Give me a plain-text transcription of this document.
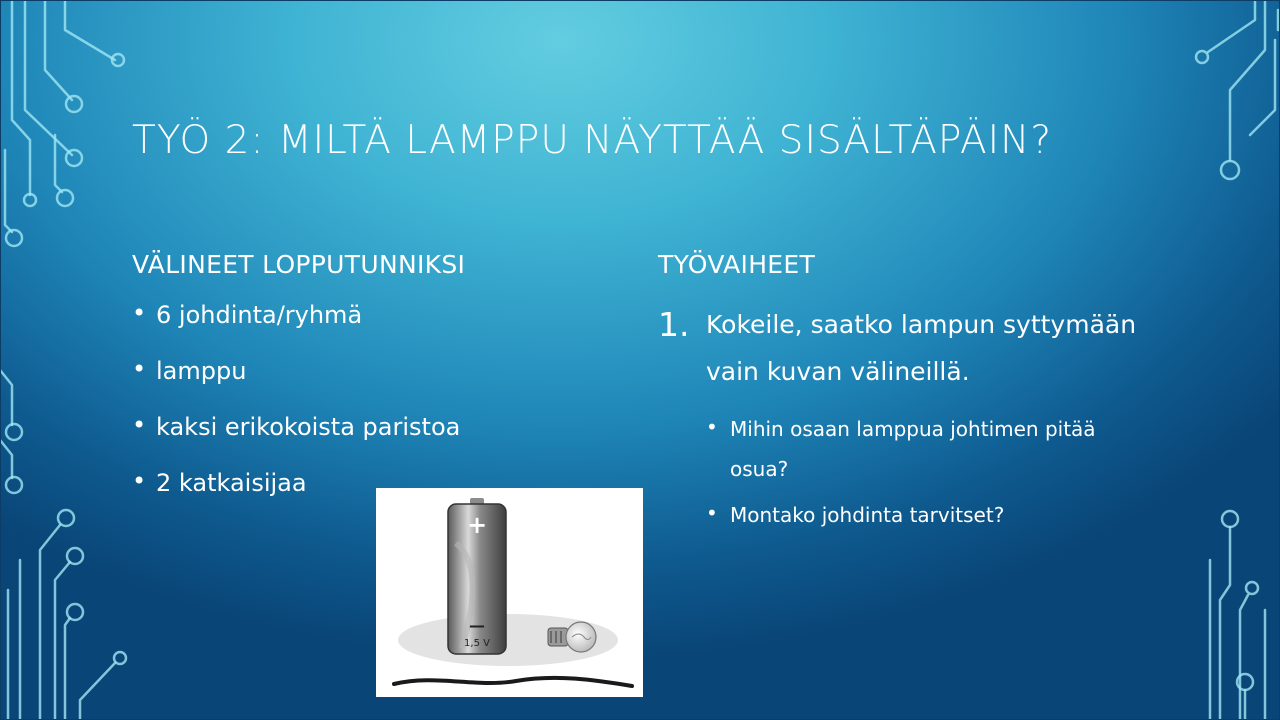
TYÖ 2: MILTÄ LAMPPU NÄYTTÄÄ SISÄLTÄPÄIN?
VÄLINEET LOPPUTUNNIKSI
• 6 johdinta/ryhmä
• lamppu
• kaksi erikokoista paristoa
• 2 katkaisijaa
TYÖVAIHEET
1. Kokeile, saatko lampun syttymään vain kuvan välineillä.
• Mihin osaan lamppua johtimen pitää osua?
• Montako johdinta tarvitset?
+
—
1,5 V
